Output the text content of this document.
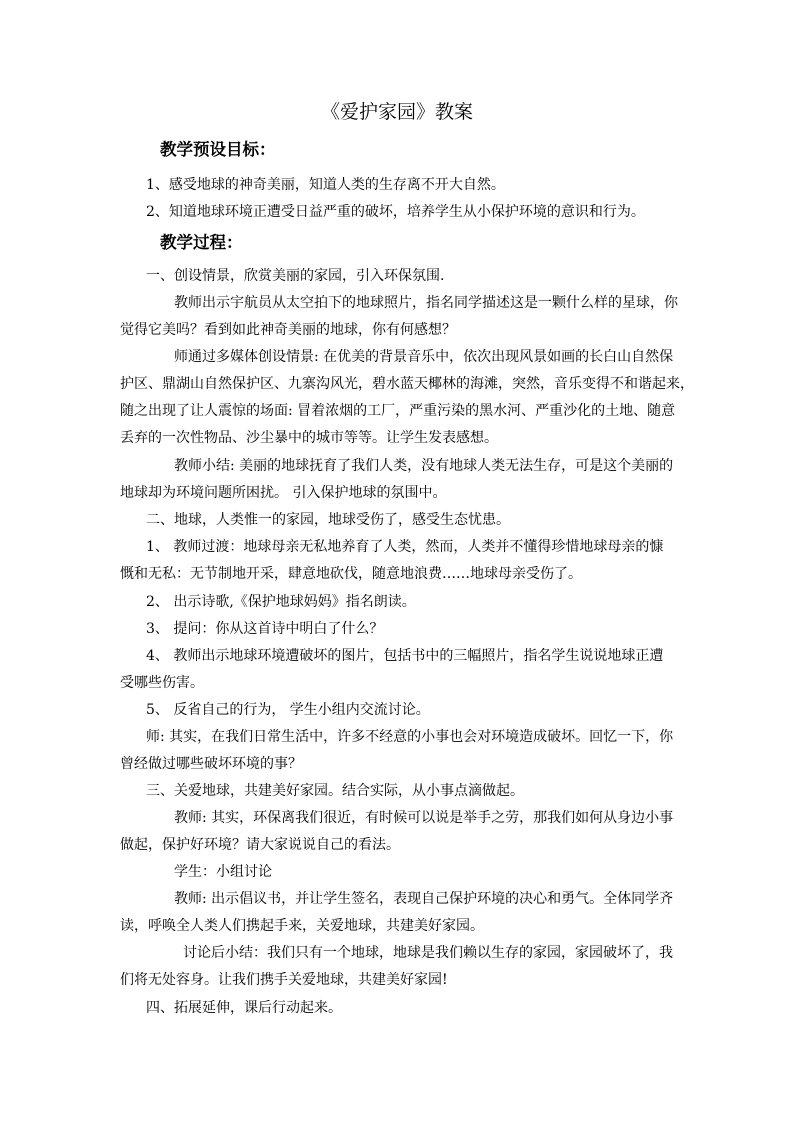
《爱护家园》教案
教学预设目标：
1、感受地球的神奇美丽，知道人类的生存离不开大自然。
2、知道地球环境正遭受日益严重的破坏，培养学生从小保护环境的意识和行为。
教学过程：
一、创设情景，欣赏美丽的家园，引入环保氛围.
教师出示宇航员从太空拍下的地球照片，指名同学描述这是一颗什么样的星球，你
觉得它美吗？看到如此神奇美丽的地球，你有何感想？
师通过多媒体创设情景: 在优美的背景音乐中，依次出现风景如画的长白山自然保
护区、鼎湖山自然保护区、九寨沟风光，碧水蓝天椰林的海滩，突然，音乐变得不和谐起来，
随之出现了让人震惊的场面: 冒着浓烟的工厂，严重污染的黑水河、严重沙化的土地、随意
丢弃的一次性物品、沙尘暴中的城市等等。让学生发表感想。
教师小结: 美丽的地球抚育了我们人类，没有地球人类无法生存，可是这个美丽的
地球却为环境问题所困扰。 引入保护地球的氛围中。
二、地球，人类惟一的家园，地球受伤了，感受生态忧患。
1、 教师过渡：地球母亲无私地养育了人类，然而，人类并不懂得珍惜地球母亲的慷
慨和无私：无节制地开采，肆意地砍伐，随意地浪费……地球母亲受伤了。
2、 出示诗歌,《保护地球妈妈》指名朗读。
3、 提问：你从这首诗中明白了什么？
4、 教师出示地球环境遭破坏的图片，包括书中的三幅照片，指名学生说说地球正遭
受哪些伤害。
5、 反省自己的行为， 学生小组内交流讨论。
师: 其实，在我们日常生活中，许多不经意的小事也会对环境造成破坏。回忆一下，你
曾经做过哪些破坏环境的事？
三、关爱地球，共建美好家园。结合实际，从小事点滴做起。
教师: 其实，环保离我们很近，有时候可以说是举手之劳，那我们如何从身边小事
做起，保护好环境？请大家说说自己的看法。
学生：小组讨论
教师: 出示倡议书，并让学生签名，表现自己保护环境的决心和勇气。全体同学齐
读，呼唤全人类人们携起手来，关爱地球，共建美好家园。
讨论后小结：我们只有一个地球，地球是我们赖以生存的家园，家园破坏了，我
们将无处容身。让我们携手关爱地球，共建美好家园!
四、拓展延伸，课后行动起来。
